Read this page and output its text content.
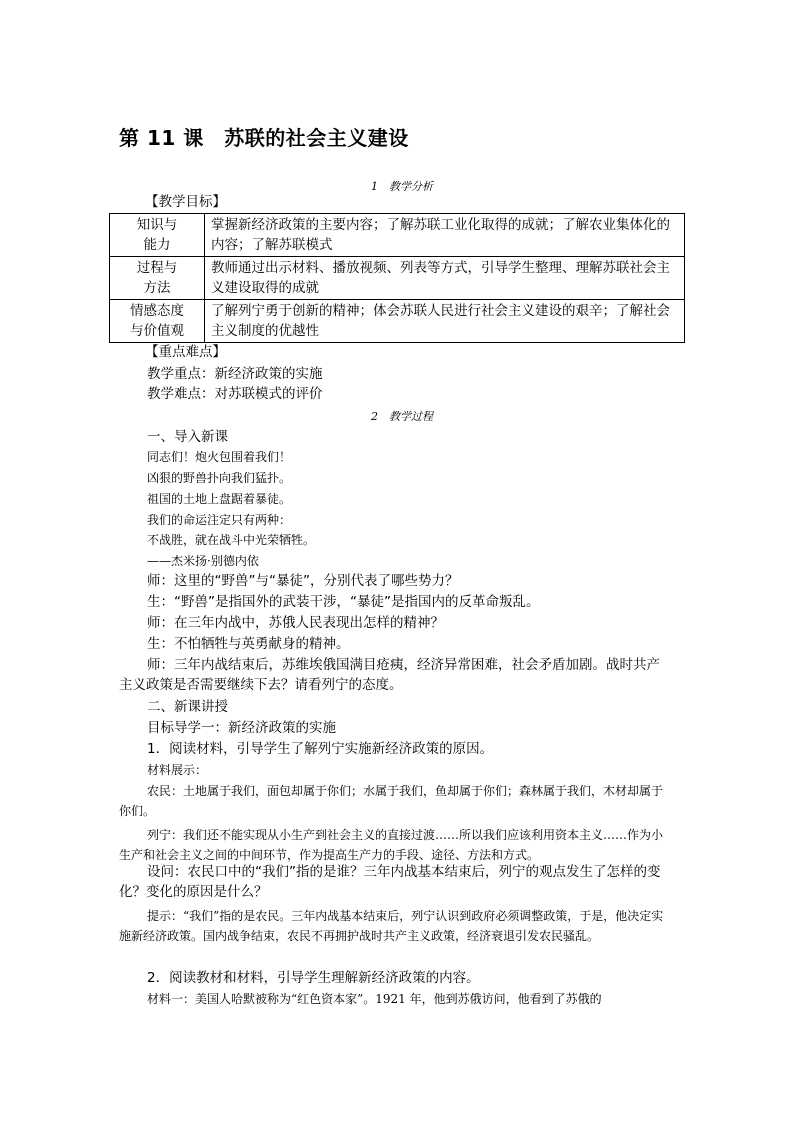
第 11 课　苏联的社会主义建设
1　教学分析
【教学目标】
知识与
能力	掌握新经济政策的主要内容；了解苏联工业化取得的成就；了解农业集体化的内容；了解苏联模式
过程与
方法	教师通过出示材料、播放视频、列表等方式，引导学生整理、理解苏联社会主义建设取得的成就
情感态度
与价值观	了解列宁勇于创新的精神；体会苏联人民进行社会主义建设的艰辛；了解社会主义制度的优越性
【重点难点】
教学重点：新经济政策的实施
教学难点：对苏联模式的评价
2　教学过程
一、导入新课
同志们！炮火包围着我们！
凶狠的野兽扑向我们猛扑。
祖国的土地上盘踞着暴徒。
我们的命运注定只有两种：
不战胜，就在战斗中光荣牺牲。
——杰米扬·别德内依
师：这里的“野兽”与“暴徒”，分别代表了哪些势力？
生：“野兽”是指国外的武装干涉，“暴徒”是指国内的反革命叛乱。
师：在三年内战中，苏俄人民表现出怎样的精神？
生：不怕牺牲与英勇献身的精神。
师：三年内战结束后，苏维埃俄国满目疮痍，经济异常困难，社会矛盾加剧。战时共产主义政策是否需要继续下去？请看列宁的态度。
二、新课讲授
目标导学一：新经济政策的实施
1．阅读材料，引导学生了解列宁实施新经济政策的原因。
材料展示：
农民：土地属于我们，面包却属于你们；水属于我们，鱼却属于你们；森林属于我们，木材却属于你们。
列宁：我们还不能实现从小生产到社会主义的直接过渡……所以我们应该利用资本主义……作为小生产和社会主义之间的中间环节，作为提高生产力的手段、途径、方法和方式。
设问：农民口中的“我们”指的是谁？三年内战基本结束后，列宁的观点发生了怎样的变化？变化的原因是什么？
提示：“我们”指的是农民。三年内战基本结束后，列宁认识到政府必须调整政策，于是，他决定实施新经济政策。国内战争结束，农民不再拥护战时共产主义政策，经济衰退引发农民骚乱。
2．阅读教材和材料，引导学生理解新经济政策的内容。
材料一：美国人哈默被称为“红色资本家”。1921 年，他到苏俄访问，他看到了苏俄的
